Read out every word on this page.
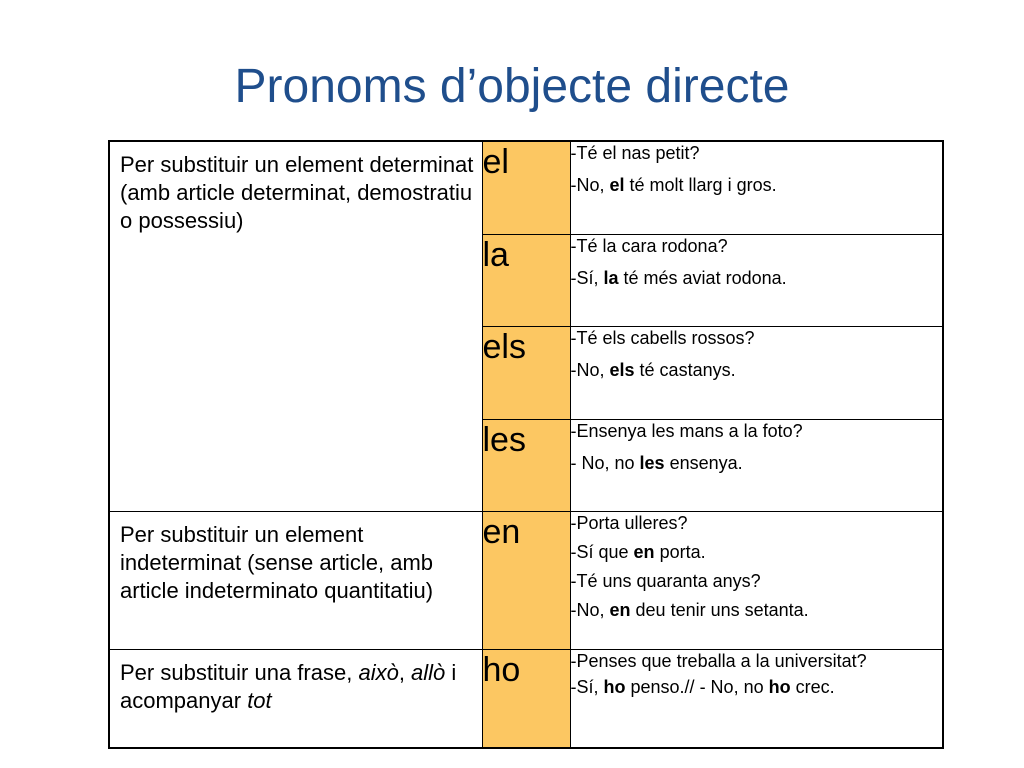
Pronoms d’objecte directe
Per substituir un element determinat (amb article determinat, demostratiu o possessiu)	el	-Té el nas petit?
-No, el té molt llarg i gros.

	la	-Té la cara rodona?
-Sí, la té més aviat rodona.

	els	-Té els cabells rossos?
-No, els té castanys.

	les	-Ensenya les mans a la foto?
- No, no les ensenya.

Per substituir un element indeterminat (sense article, amb article indeterminato quantitatiu)	en	-Porta ulleres?
-Sí que en porta.
-Té uns quaranta anys?
-No, en deu tenir uns setanta.

Per substituir una frase, això, allò i acompanyar tot	ho	-Penses que treballa a la universitat?
-Sí, ho penso.// - No, no ho crec.
